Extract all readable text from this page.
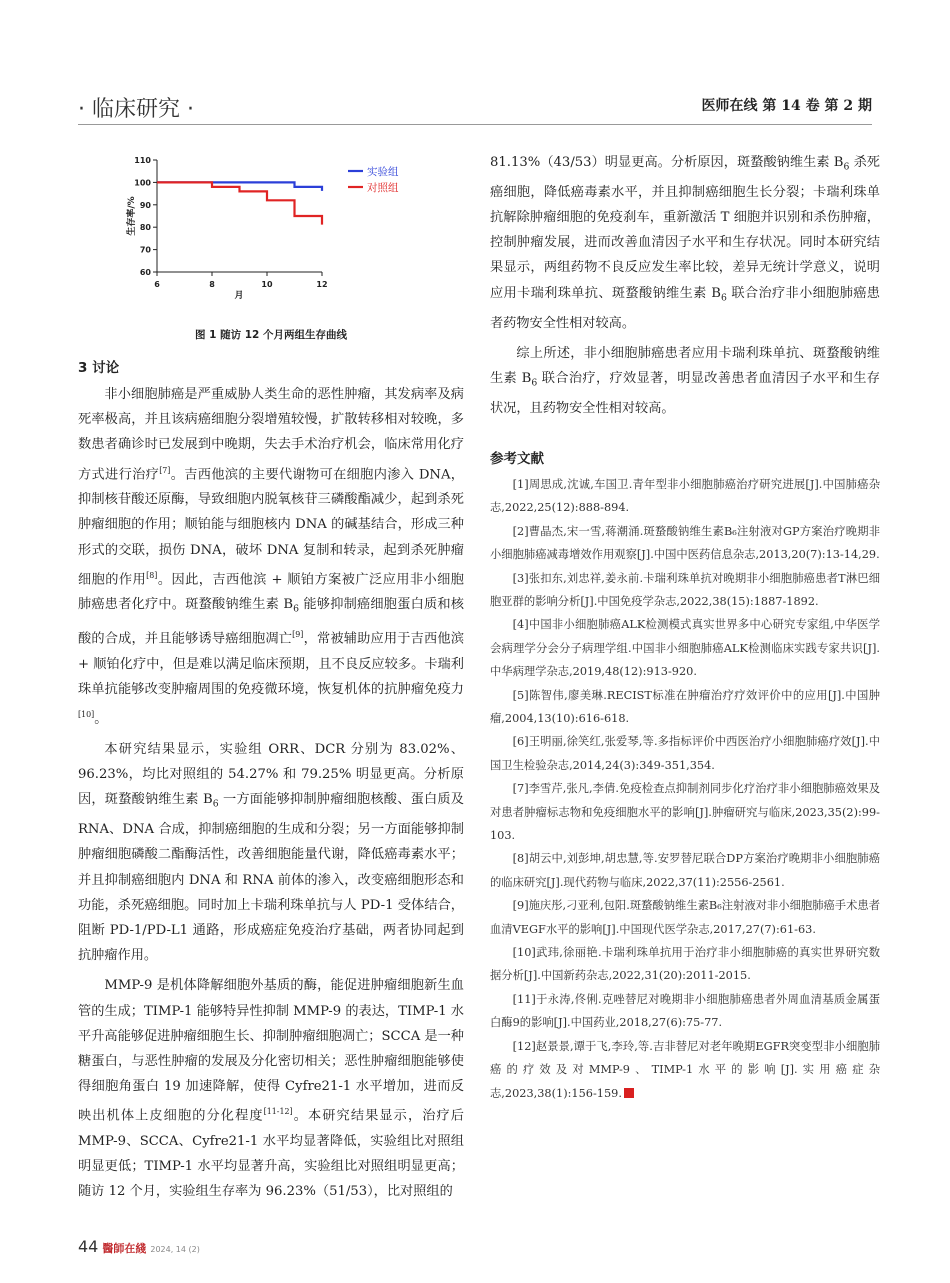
· 临床研究 ·	医师在线 第 14 卷 第 2 期
60
70
80
90
100
110
6	8	10	12
生存率/%
月
实验组
对照组
图 1 随访 12 个月两组生存曲线
3 讨论

非小细胞肺癌是严重威胁人类生命的恶性肿瘤，其发病率及病死率极高，并且该病癌细胞分裂增殖较慢，扩散转移相对较晚，多数患者确诊时已发展到中晚期，失去手术治疗机会，临床常用化疗方式进行治疗[7]。吉西他滨的主要代谢物可在细胞内渗入 DNA，抑制核苷酸还原酶，导致细胞内脱氧核苷三磷酸酯减少，起到杀死肿瘤细胞的作用；顺铂能与细胞核内 DNA 的碱基结合，形成三种形式的交联，损伤 DNA，破坏 DNA 复制和转录，起到杀死肿瘤细胞的作用[8]。因此，吉西他滨 + 顺铂方案被广泛应用非小细胞肺癌患者化疗中。斑蝥酸钠维生素 $B_6$ 能够抑制癌细胞蛋白质和核酸的合成，并且能够诱导癌细胞凋亡[9]，常被辅助应用于吉西他滨 + 顺铂化疗中，但是难以满足临床预期，且不良反应较多。卡瑞利珠单抗能够改变肿瘤周围的免疫微环境，恢复机体的抗肿瘤免疫力[10]。

本研究结果显示，实验组 ORR、DCR 分别为 83.02%、96.23%，均比对照组的 54.27% 和 79.25% 明显更高。分析原因，斑蝥酸钠维生素 $B_6$ 一方面能够抑制肿瘤细胞核酸、蛋白质及 RNA、DNA 合成，抑制癌细胞的生成和分裂；另一方面能够抑制肿瘤细胞磷酸二酯酶活性，改善细胞能量代谢，降低癌毒素水平；并且抑制癌细胞内 DNA 和 RNA 前体的渗入，改变癌细胞形态和功能，杀死癌细胞。同时加上卡瑞利珠单抗与人 PD-1 受体结合，阻断 PD-1/PD-L1 通路，形成癌症免疫治疗基础，两者协同起到抗肿瘤作用。

MMP-9 是机体降解细胞外基质的酶，能促进肿瘤细胞新生血管的生成；TIMP-1 能够特异性抑制 MMP-9 的表达，TIMP-1 水平升高能够促进肿瘤细胞生长、抑制肿瘤细胞凋亡；SCCA 是一种糖蛋白，与恶性肿瘤的发展及分化密切相关；恶性肿瘤细胞能够使得细胞角蛋白 19 加速降解，使得 Cyfre21-1 水平增加，进而反映出机体上皮细胞的分化程度[11-12]。本研究结果显示，治疗后 MMP-9、SCCA、Cyfre21-1 水平均显著降低，实验组比对照组明显更低；TIMP-1 水平均显著升高，实验组比对照组明显更高；随访 12 个月，实验组生存率为 96.23%（51/53），比对照组的

81.13%（43/53）明显更高。分析原因，斑蝥酸钠维生素 $B_6$ 杀死癌细胞，降低癌毒素水平，并且抑制癌细胞生长分裂；卡瑞利珠单抗解除肿瘤细胞的免疫刹车，重新激活 T 细胞并识别和杀伤肿瘤，控制肿瘤发展，进而改善血清因子水平和生存状况。同时本研究结果显示，两组药物不良反应发生率比较，差异无统计学意义，说明应用卡瑞利珠单抗、斑蝥酸钠维生素 $B_6$ 联合治疗非小细胞肺癌患者药物安全性相对较高。

综上所述，非小细胞肺癌患者应用卡瑞利珠单抗、斑蝥酸钠维生素 $B_6$ 联合治疗，疗效显著，明显改善患者血清因子水平和生存状况，且药物安全性相对较高。

参考文献

[1]周思成,沈诚,车国卫.青年型非小细胞肺癌治疗研究进展[J].中国肺癌杂志,2022,25(12):888-894.

[2]曹晶杰,宋一雪,蒋潮涌.斑蝥酸钠维生素B₆注射液对GP方案治疗晚期非小细胞肺癌减毒增效作用观察[J].中国中医药信息杂志,2013,20(7):13-14,29.

[3]张扣东,刘忠祥,姜永前.卡瑞利珠单抗对晚期非小细胞肺癌患者T淋巴细胞亚群的影响分析[J].中国免疫学杂志,2022,38(15):1887-1892.

[4]中国非小细胞肺癌ALK检测模式真实世界多中心研究专家组,中华医学会病理学分会分子病理学组.中国非小细胞肺癌ALK检测临床实践专家共识[J].中华病理学杂志,2019,48(12):913-920.

[5]陈智伟,廖美琳.RECIST标准在肿瘤治疗疗效评价中的应用[J].中国肿瘤,2004,13(10):616-618.

[6]王明丽,徐笑红,张爱琴,等.多指标评价中西医治疗小细胞肺癌疗效[J].中国卫生检验杂志,2014,24(3):349-351,354.

[7]李雪芹,张凡,李倩.免疫检查点抑制剂同步化疗治疗非小细胞肺癌效果及对患者肿瘤标志物和免疫细胞水平的影响[J].肿瘤研究与临床,2023,35(2):99-103.

[8]胡云中,刘彭坤,胡忠慧,等.安罗替尼联合DP方案治疗晚期非小细胞肺癌的临床研究[J].现代药物与临床,2022,37(11):2556-2561.

[9]施庆彤,刁亚利,包阳.斑蝥酸钠维生素B₆注射液对非小细胞肺癌手术患者血清VEGF水平的影响[J].中国现代医学杂志,2017,27(7):61-63.

[10]武玮,徐丽艳.卡瑞利珠单抗用于治疗非小细胞肺癌的真实世界研究数据分析[J].中国新药杂志,2022,31(20):2011-2015.

[11]于永涛,佟俐.克唑替尼对晚期非小细胞肺癌患者外周血清基质金属蛋白酶9的影响[J].中国药业,2018,27(6):75-77.

[12]赵景景,谭于飞,李玲,等.吉非替尼对老年晚期EGFR突变型非小细胞肺癌的疗效及对MMP-9、TIMP-1水平的影响[J].实用癌症杂志,2023,38(1):156-159.

44 醫師在綫 2024, 14 (2)
